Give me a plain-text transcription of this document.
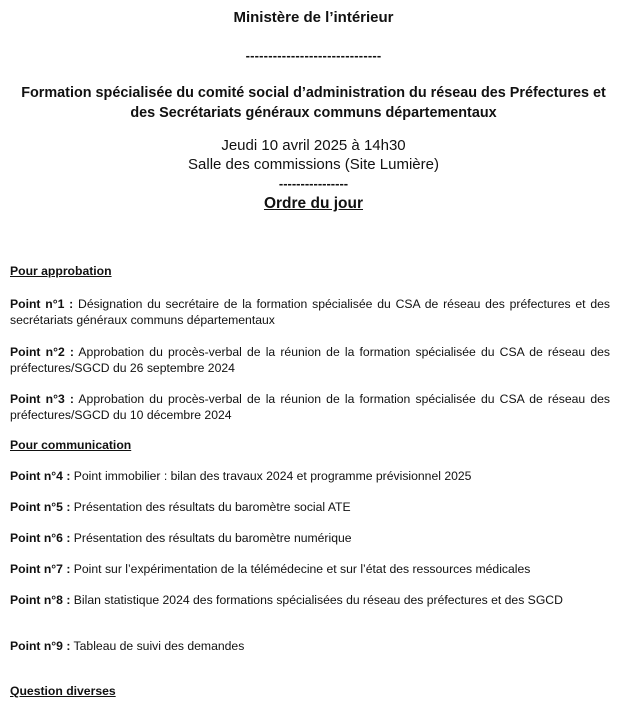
Ministère de l’intérieur
------------------------------
Formation spécialisée du comité social d’administration du réseau des Préfectures et des Secrétariats généraux communs départementaux
Jeudi 10 avril 2025 à 14h30
Salle des commissions (Site Lumière)
----------------
Ordre du jour
Pour approbation
Point n°1 : Désignation du secrétaire de la formation spécialisée du CSA de réseau des préfectures et des secrétariats généraux communs départementaux
Point n°2 : Approbation du procès-verbal de la réunion de la formation spécialisée du CSA de réseau des préfectures/SGCD du 26 septembre 2024
Point n°3 : Approbation du procès-verbal de la réunion de la formation spécialisée du CSA de réseau des préfectures/SGCD du 10 décembre 2024
Pour communication
Point n°4 : Point immobilier : bilan des travaux 2024 et programme prévisionnel 2025
Point n°5 : Présentation des résultats du baromètre social ATE
Point n°6 : Présentation des résultats du baromètre numérique
Point n°7 : Point sur l’expérimentation de la télémédecine et sur l’état des ressources médicales
Point n°8 : Bilan statistique 2024 des formations spécialisées du réseau des préfectures et des SGCD
Point n°9 : Tableau de suivi des demandes
Question diverses
